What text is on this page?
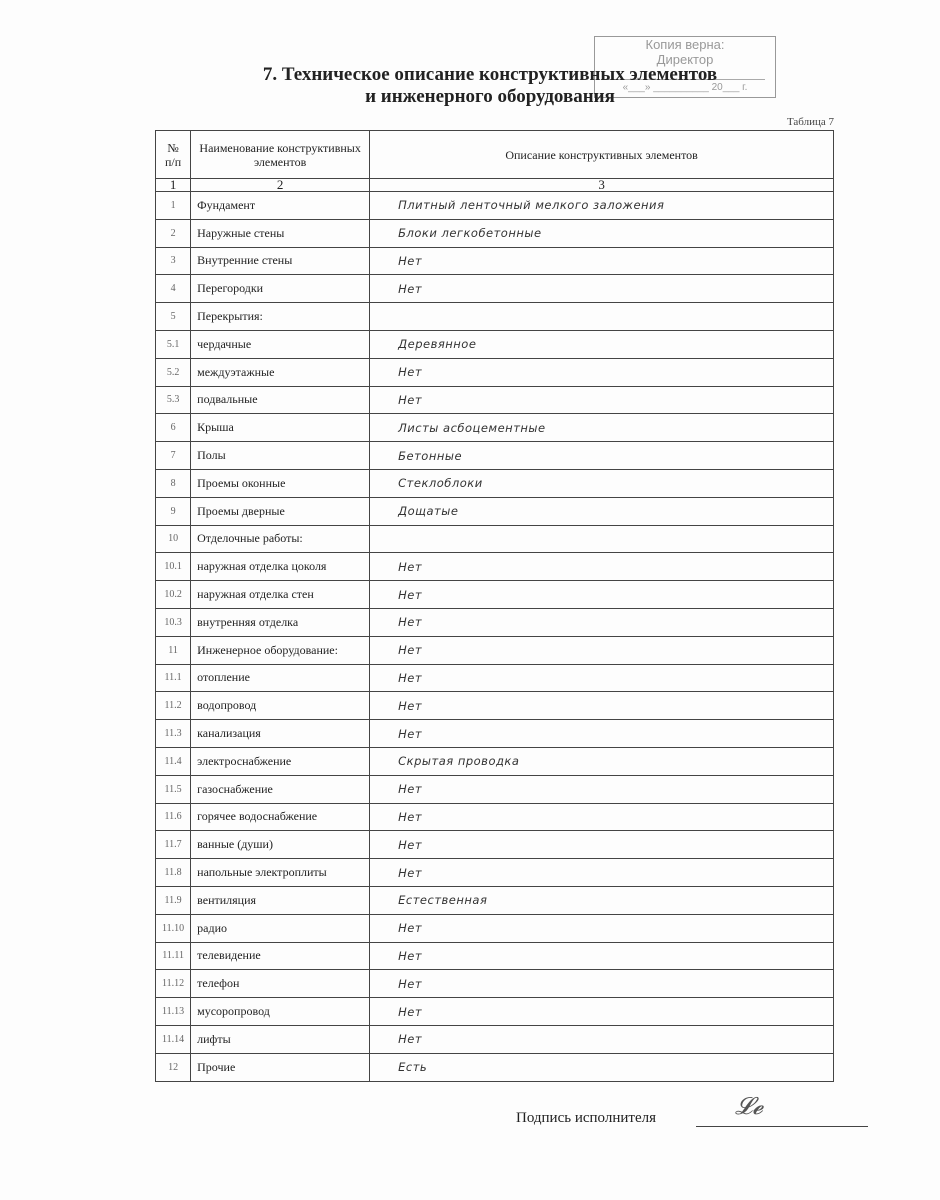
Копия верна:
Директор
«___» __________ 20___ г.
7. Техническое описание конструктивных элементов
и инженерного оборудования
Таблица 7
№ п/п	Наименование конструктивных элементов	Описание конструктивных элементов
1	2	3
1	Фундамент	Плитный ленточный мелкого заложения
2	Наружные стены	Блоки легкобетонные
3	Внутренние стены	Нет
4	Перегородки	Нет
5	Перекрытия:	
5.1	чердачные	Деревянное
5.2	междуэтажные	Нет
5.3	подвальные	Нет
6	Крыша	Листы асбоцементные
7	Полы	Бетонные
8	Проемы оконные	Стеклоблоки
9	Проемы дверные	Дощатые
10	Отделочные работы:	
10.1	наружная отделка цоколя	Нет
10.2	наружная отделка стен	Нет
10.3	внутренняя отделка	Нет
11	Инженерное оборудование:	Нет
11.1	отопление	Нет
11.2	водопровод	Нет
11.3	канализация	Нет
11.4	электроснабжение	Скрытая проводка
11.5	газоснабжение	Нет
11.6	горячее водоснабжение	Нет
11.7	ванные (души)	Нет
11.8	напольные электроплиты	Нет
11.9	вентиляция	Естественная
11.10	радио	Нет
11.11	телевидение	Нет
11.12	телефон	Нет
11.13	мусоропровод	Нет
11.14	лифты	Нет
12	Прочие	Есть
Подпись исполнителя	𝓛𝓮
